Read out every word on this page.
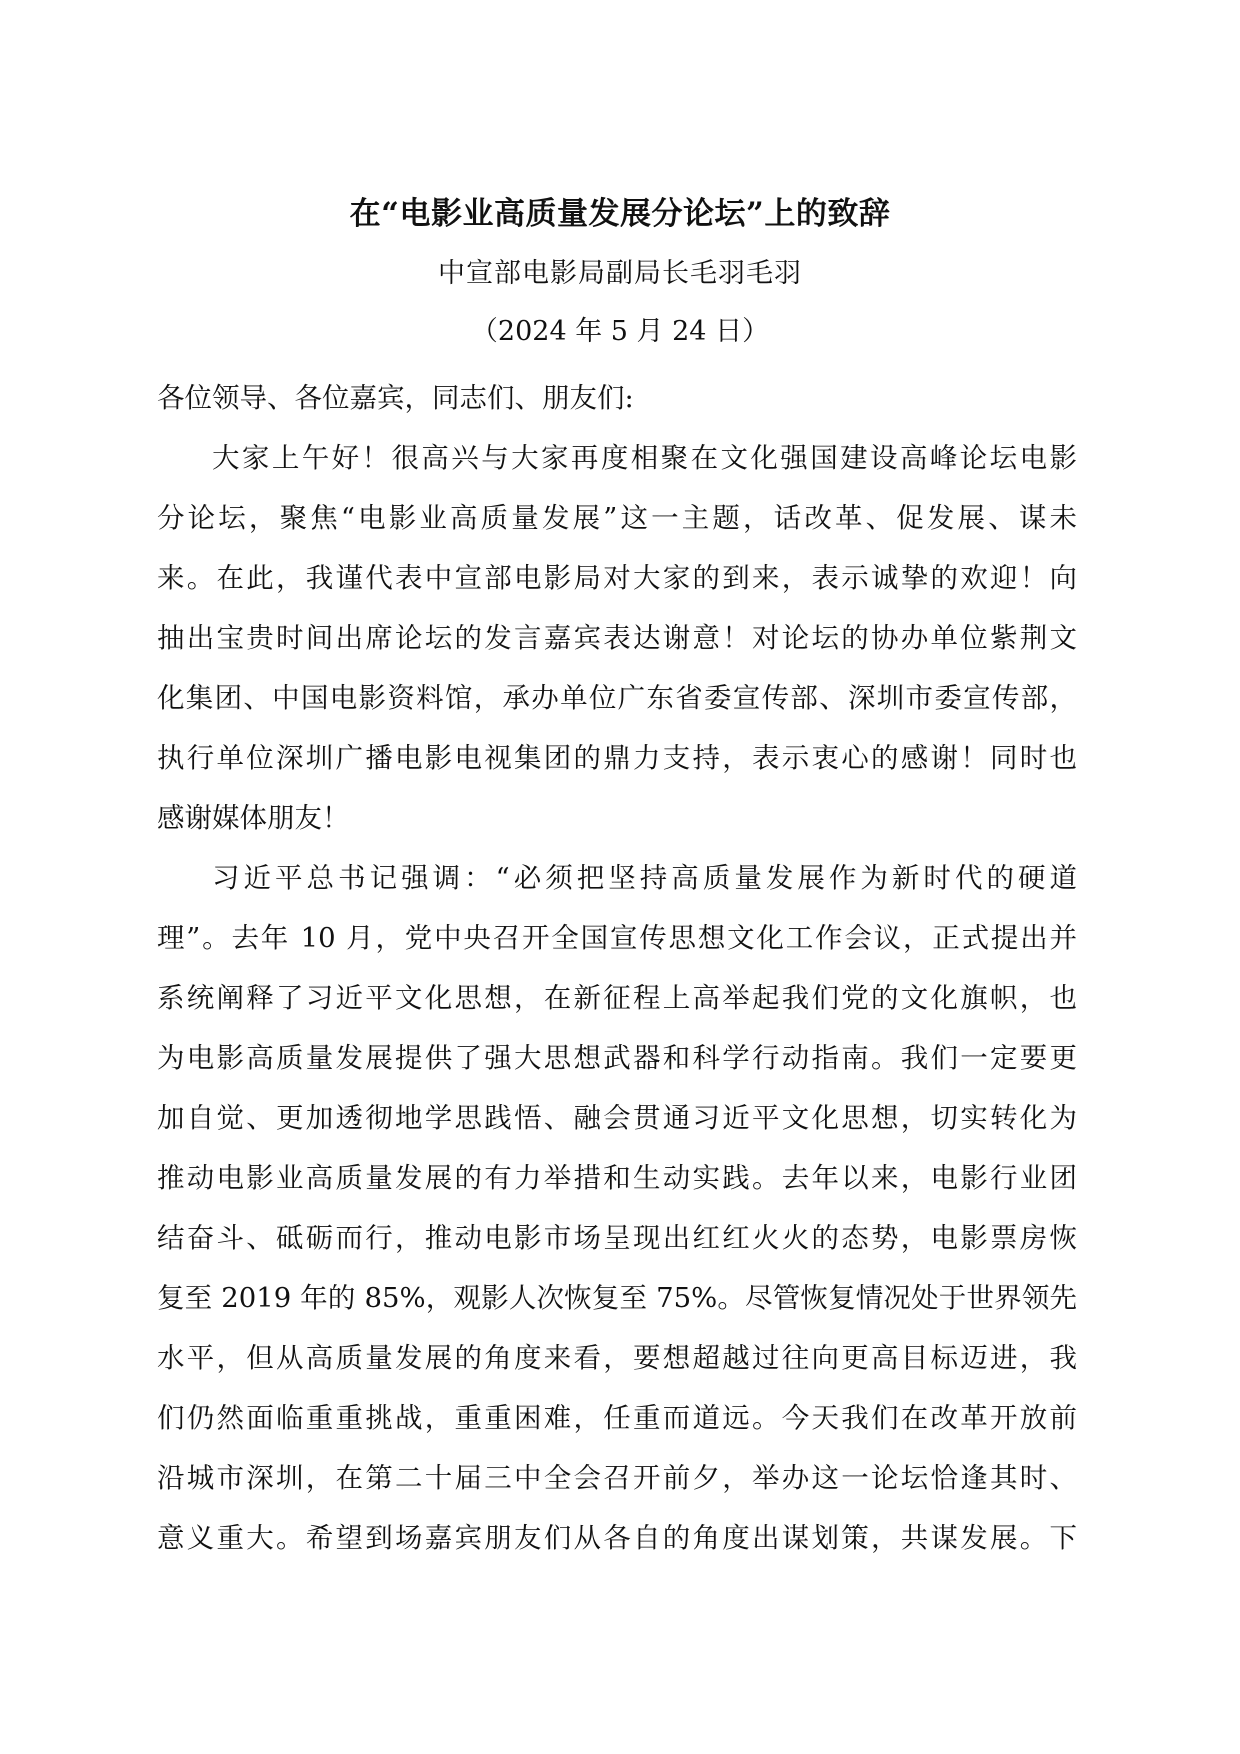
在“电影业高质量发展分论坛”上的致辞
中宣部电影局副局长毛羽毛羽
（2024 年 5 月 24 日）
各位领导、各位嘉宾，同志们、朋友们:
大家上午好！很高兴与大家再度相聚在文化强国建设高峰论坛电影
分论坛，聚焦“电影业高质量发展”这一主题，话改革、促发展、谋未
来。在此，我谨代表中宣部电影局对大家的到来，表示诚挚的欢迎！向
抽出宝贵时间出席论坛的发言嘉宾表达谢意！对论坛的协办单位紫荆文
化集团、中国电影资料馆，承办单位广东省委宣传部、深圳市委宣传部，
执行单位深圳广播电影电视集团的鼎力支持，表示衷心的感谢！同时也
感谢媒体朋友！
习近平总书记强调：“必须把坚持高质量发展作为新时代的硬道
理”。去年 10 月，党中央召开全国宣传思想文化工作会议，正式提出并
系统阐释了习近平文化思想，在新征程上高举起我们党的文化旗帜，也
为电影高质量发展提供了强大思想武器和科学行动指南。我们一定要更
加自觉、更加透彻地学思践悟、融会贯通习近平文化思想，切实转化为
推动电影业高质量发展的有力举措和生动实践。去年以来，电影行业团
结奋斗、砥砺而行，推动电影市场呈现出红红火火的态势，电影票房恢
复至 2019 年的 85%，观影人次恢复至 75%。尽管恢复情况处于世界领先
水平，但从高质量发展的角度来看，要想超越过往向更高目标迈进，我
们仍然面临重重挑战，重重困难，任重而道远。今天我们在改革开放前
沿城市深圳，在第二十届三中全会召开前夕，举办这一论坛恰逢其时、
意义重大。希望到场嘉宾朋友们从各自的角度出谋划策，共谋发展。下
